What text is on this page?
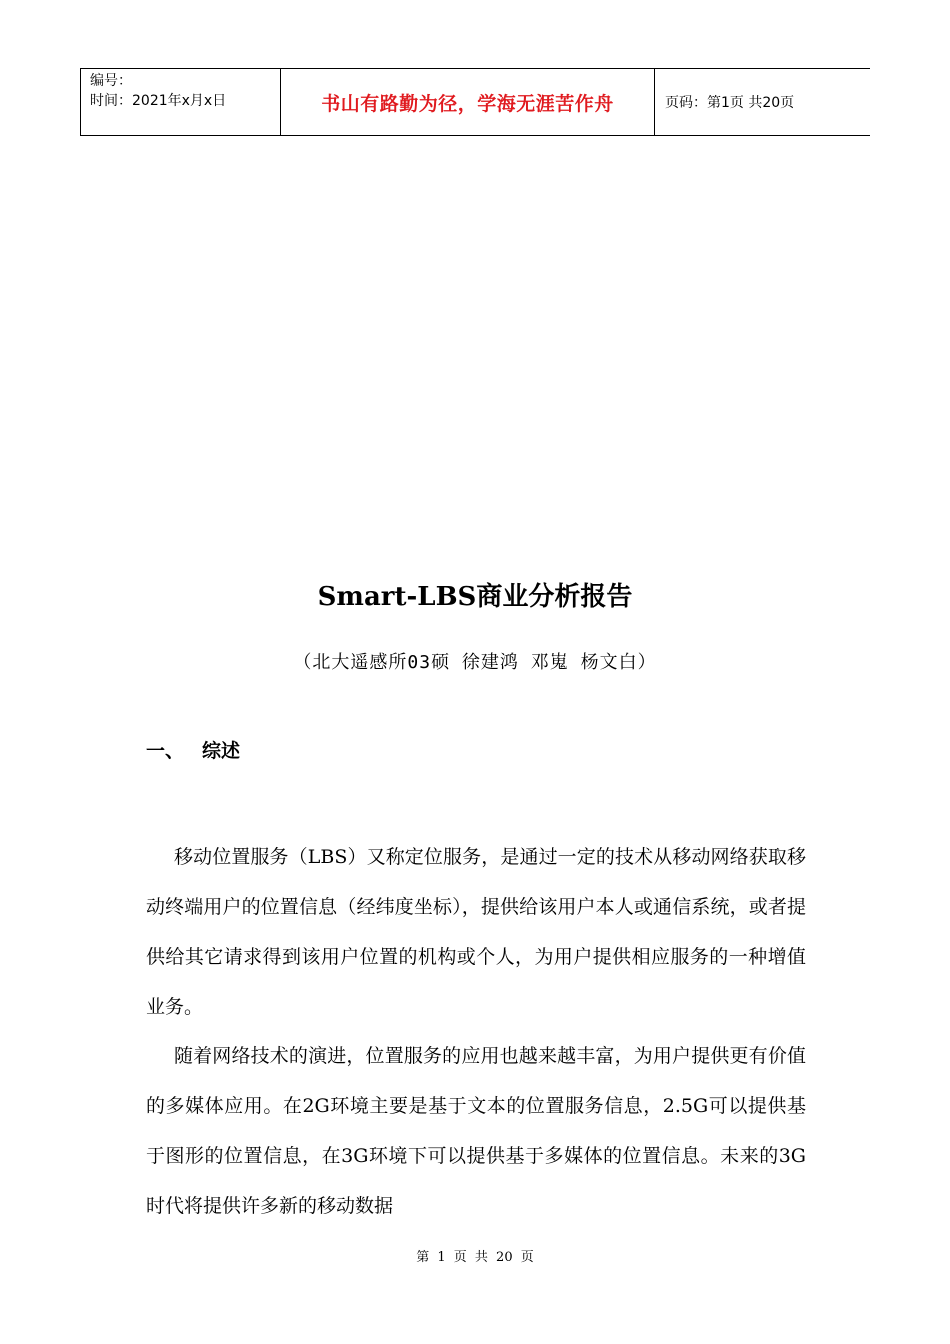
编号：
时间：2021年x月x日	书山有路勤为径，学海无涯苦作舟	页码：第1页 共20页
Smart-LBS商业分析报告
（北大遥感所03硕 徐建鸿 邓嵬 杨文白）
一、 综述
移动位置服务（LBS）又称定位服务，是通过一定的技术从移动网络获取移动终端用户的位置信息（经纬度坐标），提供给该用户本人或通信系统，或者提供给其它请求得到该用户位置的机构或个人，为用户提供相应服务的一种增值业务。
随着网络技术的演进，位置服务的应用也越来越丰富，为用户提供更有价值的多媒体应用。在2G环境主要是基于文本的位置服务信息，2.5G可以提供基于图形的位置信息，在3G环境下可以提供基于多媒体的位置信息。未来的3G时代将提供许多新的移动数据
第 1 页 共 20 页
